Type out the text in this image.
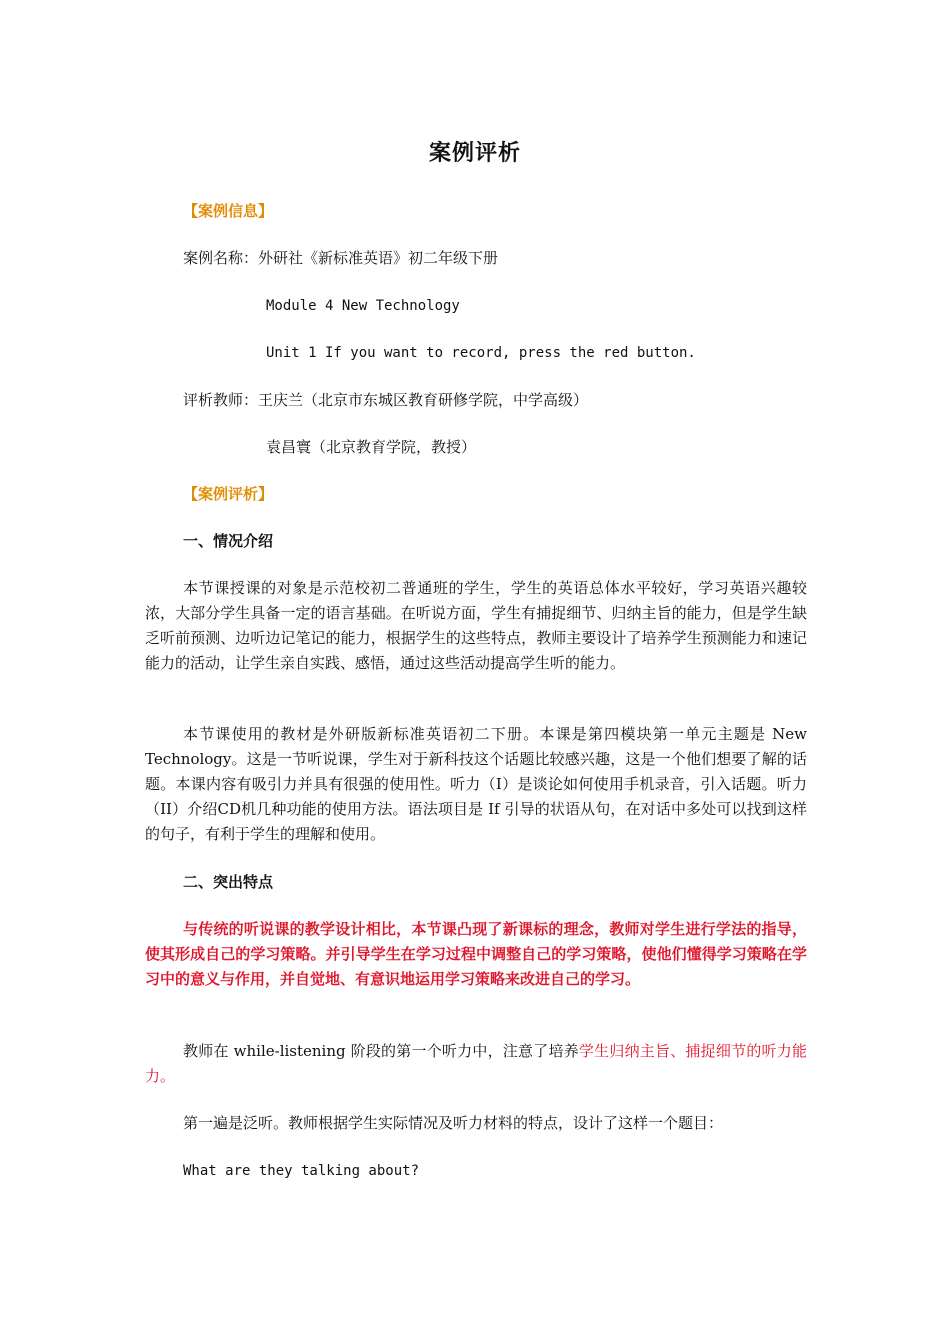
案例评析
【案例信息】
案例名称：外研社《新标准英语》初二年级下册
Module 4 New Technology
Unit 1 If you want to record, press the red button.
评析教师：王庆兰（北京市东城区教育研修学院，中学高级）
袁昌寰（北京教育学院，教授）
【案例评析】
一、情况介绍
本节课授课的对象是示范校初二普通班的学生，学生的英语总体水平较好，学习英语兴趣较浓，大部分学生具备一定的语言基础。在听说方面，学生有捕捉细节、归纳主旨的能力，但是学生缺乏听前预测、边听边记笔记的能力，根据学生的这些特点，教师主要设计了培养学生预测能力和速记能力的活动，让学生亲自实践、感悟，通过这些活动提高学生听的能力。
本节课使用的教材是外研版新标准英语初二下册。本课是第四模块第一单元主题是 New Technology。这是一节听说课，学生对于新科技这个话题比较感兴趣，这是一个他们想要了解的话题。本课内容有吸引力并具有很强的使用性。听力（I）是谈论如何使用手机录音，引入话题。听力（II）介绍CD机几种功能的使用方法。语法项目是 If 引导的状语从句，在对话中多处可以找到这样的句子，有利于学生的理解和使用。
二、突出特点
与传统的听说课的教学设计相比，本节课凸现了新课标的理念，教师对学生进行学法的指导，使其形成自己的学习策略。并引导学生在学习过程中调整自己的学习策略，使他们懂得学习策略在学习中的意义与作用，并自觉地、有意识地运用学习策略来改进自己的学习。
教师在 while-listening 阶段的第一个听力中，注意了培养学生归纳主旨、捕捉细节的听力能力。
第一遍是泛听。教师根据学生实际情况及听力材料的特点，设计了这样一个题目：
What are they talking about?
